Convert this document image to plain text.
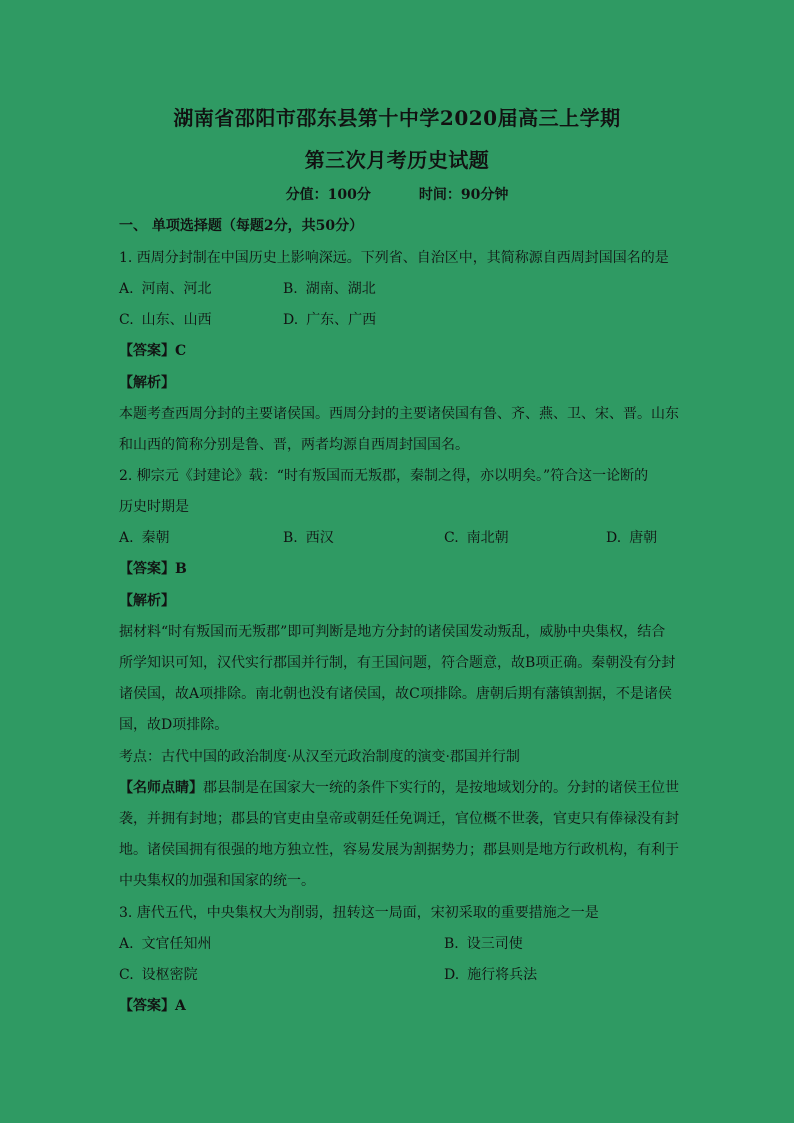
湖南省邵阳市邵东县第十中学2020届高三上学期
第三次月考历史试题
分值：100分	时间：90分钟
一、 单项选择题（每题2分，共50分）
1. 西周分封制在中国历史上影响深远。下列省、自治区中，其简称源自西周封国国名的是
A. 河南、河北	B. 湖南、湖北
C. 山东、山西	D. 广东、广西
【答案】C
【解析】
本题考查西周分封的主要诸侯国。西周分封的主要诸侯国有鲁、齐、燕、卫、宋、晋。山东
和山西的简称分别是鲁、晋，两者均源自西周封国国名。
2. 柳宗元《封建论》载：“时有叛国而无叛郡，秦制之得，亦以明矣。”符合这一论断的
历史时期是
A. 秦朝	B. 西汉	C. 南北朝	D. 唐朝
【答案】B
【解析】
据材料“时有叛国而无叛郡”即可判断是地方分封的诸侯国发动叛乱，威胁中央集权，结合
所学知识可知，汉代实行郡国并行制，有王国问题，符合题意，故B项正确。秦朝没有分封
诸侯国，故A项排除。南北朝也没有诸侯国，故C项排除。唐朝后期有藩镇割据，不是诸侯
国，故D项排除。
考点：古代中国的政治制度·从汉至元政治制度的演变·郡国并行制
【名师点睛】郡县制是在国家大一统的条件下实行的，是按地域划分的。分封的诸侯王位世
袭，并拥有封地；郡县的官吏由皇帝或朝廷任免调迁，官位概不世袭，官吏只有俸禄没有封
地。诸侯国拥有很强的地方独立性，容易发展为割据势力；郡县则是地方行政机构，有利于
中央集权的加强和国家的统一。
3. 唐代五代，中央集权大为削弱，扭转这一局面，宋初采取的重要措施之一是
A. 文官任知州	B. 设三司使
C. 设枢密院	D. 施行将兵法
【答案】A
